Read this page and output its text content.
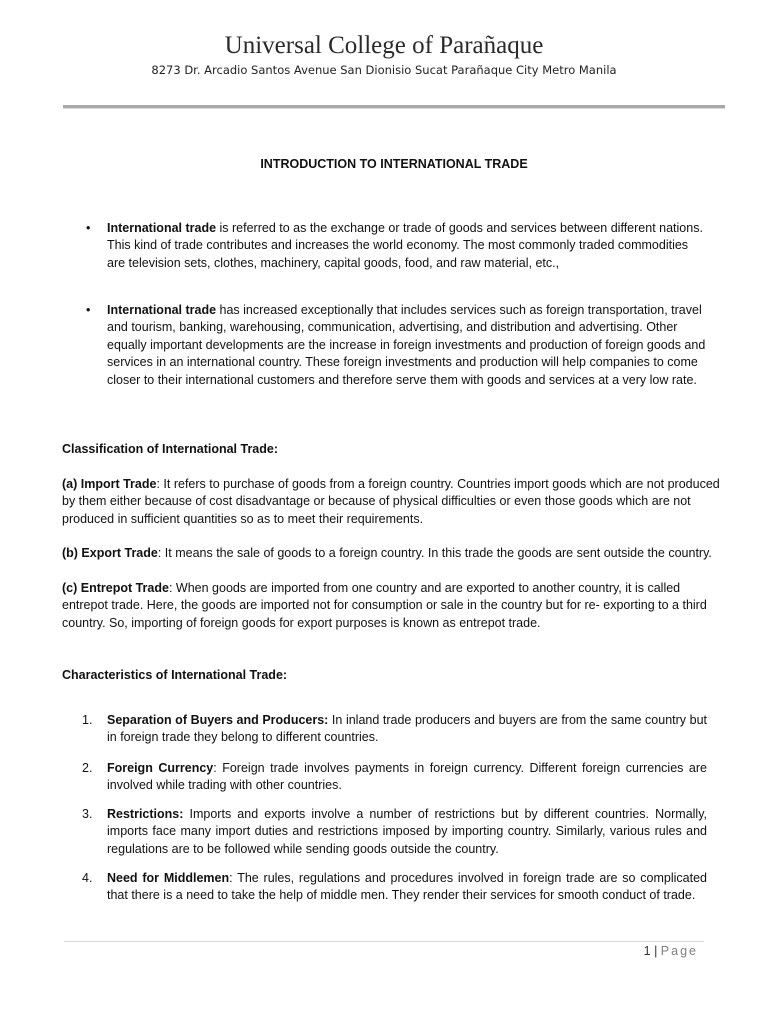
Universal College of Parañaque
8273 Dr. Arcadio Santos Avenue San Dionisio Sucat Parañaque City Metro Manila
INTRODUCTION TO INTERNATIONAL TRADE
•	International trade is referred to as the exchange or trade of goods and services between different nations. This kind of trade contributes and increases the world economy. The most commonly traded commodities are television sets, clothes, machinery, capital goods, food, and raw material, etc.,
•	International trade has increased exceptionally that includes services such as foreign transportation, travel and tourism, banking, warehousing, communication, advertising, and distribution and advertising. Other equally important developments are the increase in foreign investments and production of foreign goods and services in an international country. These foreign investments and production will help companies to come closer to their international customers and therefore serve them with goods and services at a very low rate.
Classification of International Trade:
(a) Import Trade: It refers to purchase of goods from a foreign country. Countries import goods which are not produced by them either because of cost disadvantage or because of physical difficulties or even those goods which are not produced in sufficient quantities so as to meet their requirements.
(b) Export Trade: It means the sale of goods to a foreign country. In this trade the goods are sent outside the country.
(c) Entrepot Trade: When goods are imported from one country and are exported to another country, it is called entrepot trade. Here, the goods are imported not for consumption or sale in the country but for re- exporting to a third country. So, importing of foreign goods for export purposes is known as entrepot trade.
Characteristics of International Trade:
1.	Separation of Buyers and Producers: In inland trade producers and buyers are from the same country but in foreign trade they belong to different countries.
2.	Foreign Currency: Foreign trade involves payments in foreign currency. Different foreign currencies are involved while trading with other countries.
3.	Restrictions: Imports and exports involve a number of restrictions but by different countries. Normally, imports face many import duties and restrictions imposed by importing country. Similarly, various rules and regulations are to be followed while sending goods outside the country.
4.	Need for Middlemen: The rules, regulations and procedures involved in foreign trade are so complicated that there is a need to take the help of middle men. They render their services for smooth conduct of trade.
1 | Page
